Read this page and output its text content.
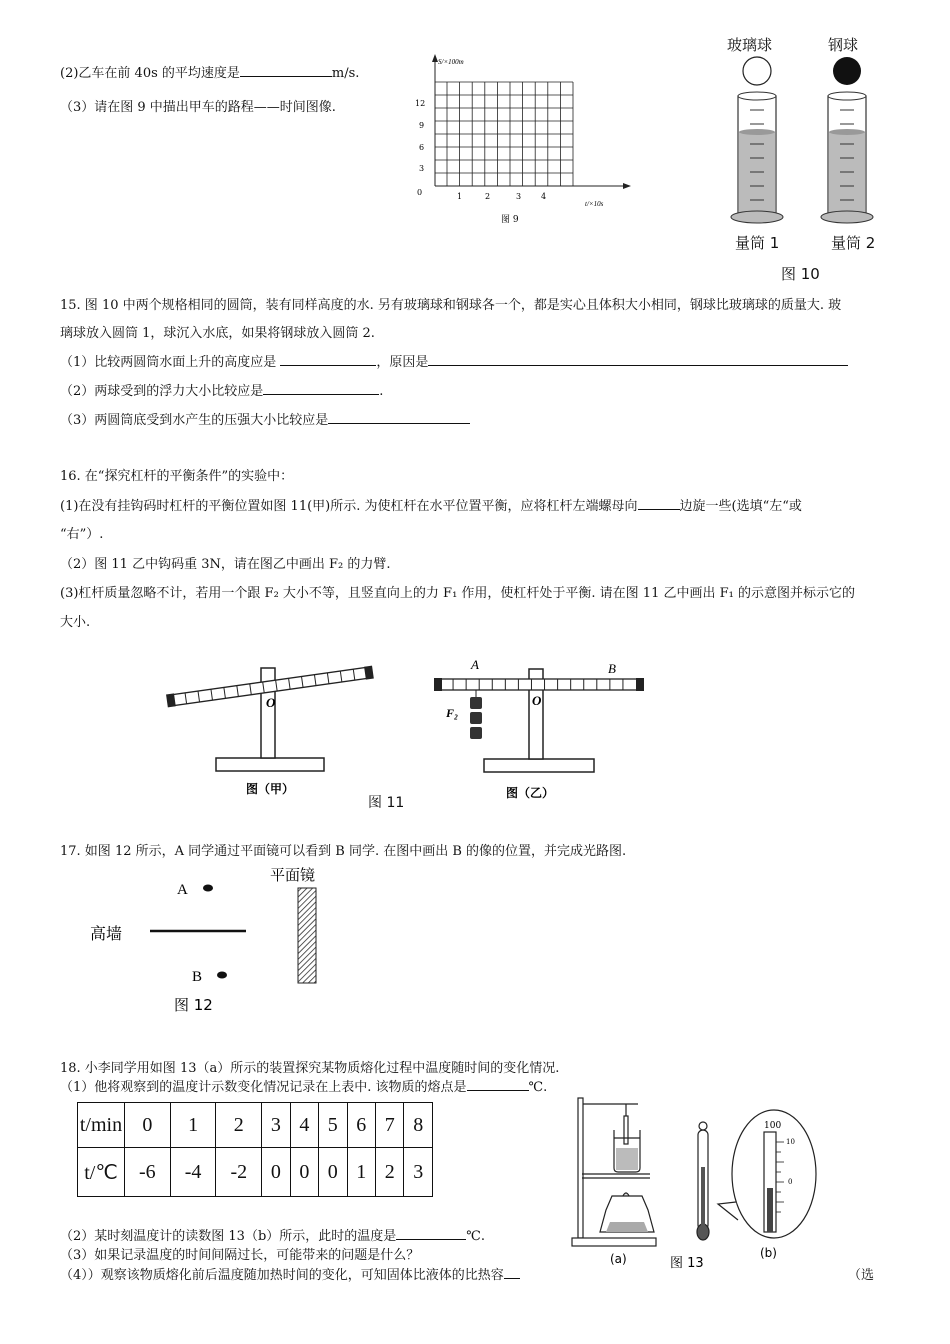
(2)乙车在前 40s 的平均速度是	m/s.
（3）请在图 9 中描出甲车的路程——时间图像.
S/×100m
t/×10s
0
12
9
6
3
1	2	3 4
图 9
玻璃球	钢球
量筒 1	量筒 2
图 10
15. 图 10 中两个规格相同的圆筒，装有同样高度的水. 另有玻璃球和钢球各一个，都是实心且体积大小相同，钢球比玻璃球的质量大. 玻
璃球放入圆筒 1，球沉入水底，如果将钢球放入圆筒 2.
（1）比较两圆筒水面上升的高度应是	，原因是
（2）两球受到的浮力大小比较应是	.
（3）两圆筒底受到水产生的压强大小比较应是
16. 在“探究杠杆的平衡条件”的实验中：
(1)在没有挂钩码时杠杆的平衡位置如图 11(甲)所示. 为使杠杆在水平位置平衡，应将杠杆左端螺母向	边旋一些(选填“左“或
“右”）.
（2）图 11 乙中钩码重 3N，请在图乙中画出 F₂ 的力臂.
(3)杠杆质量忽略不计，若用一个跟 F₂ 大小不等，且竖直向上的力 F₁ 作用，使杠杆处于平衡. 请在图 11 乙中画出 F₁ 的示意图并标示它的
大小.
O
图（甲）
A	B
O
F₂
图（乙）
图 11
17. 如图 12 所示，A 同学通过平面镜可以看到 B 同学. 在图中画出 B 的像的位置，并完成光路图.
平面镜
A
高墙
B
图 12
18. 小李同学用如图 13（a）所示的装置探究某物质熔化过程中温度随时间的变化情况.
（1）他将观察到的温度计示数变化情况记录在上表中. 该物质的熔点是	℃.
t/min	0	1	2	3	4	5	6	7	8
t/℃	-6	-4	-2	0	0	0	1	2	3
（2）某时刻温度计的读数图 13（b）所示，此时的温度是	℃.
（3）如果记录温度的时间间隔过长，可能带来的问题是什么？
（4））观察该物质熔化前后温度随加热时间的变化，可知固体比液体的比热容	（选
(a)	图 13
100
10
0
(b)
